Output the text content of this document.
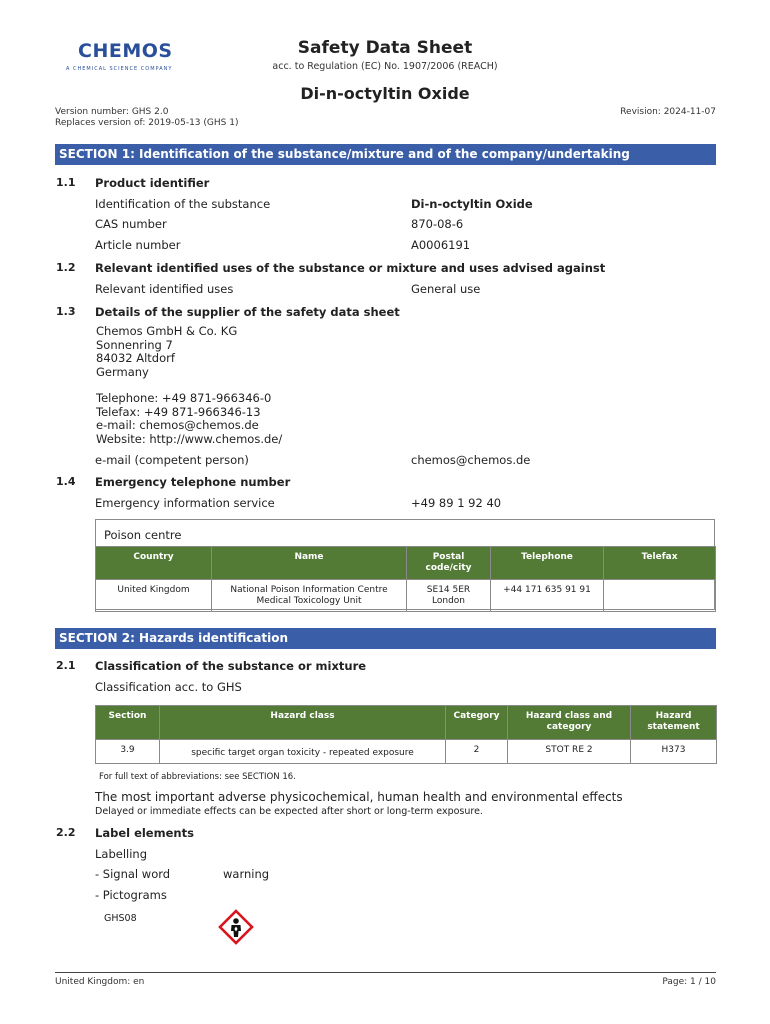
CHEMOS
A CHEMICAL SCIENCE COMPANY
Safety Data Sheet
acc. to Regulation (EC) No. 1907/2006 (REACH)
Di-n-octyltin Oxide
Version number: GHS 2.0
Replaces version of: 2019-05-13 (GHS 1)
Revision: 2024-11-07
SECTION 1: Identification of the substance/mixture and of the company/undertaking
1.1 Product identifier
Identification of the substance	Di-n-octyltin Oxide
CAS number	870-08-6
Article number	A0006191
1.2 Relevant identified uses of the substance or mixture and uses advised against
Relevant identified uses	General use
1.3 Details of the supplier of the safety data sheet
Chemos GmbH & Co. KG
Sonnenring 7
84032 Altdorf
Germany
Telephone: +49 871-966346-0
Telefax: +49 871-966346-13
e-mail: chemos@chemos.de
Website: http://www.chemos.de/
e-mail (competent person)	chemos@chemos.de
1.4 Emergency telephone number
Emergency information service	+49 89 1 92 40
Poison centre
Country	Name	Postal code/city	Telephone	Telefax
United Kingdom	National Poison Information Centre Medical Toxicology Unit	SE14 5ER London	+44 171 635 91 91	
SECTION 2: Hazards identification
2.1 Classification of the substance or mixture
Classification acc. to GHS
Section	Hazard class	Category	Hazard class and category	Hazard statement
3.9	specific target organ toxicity - repeated exposure	2	STOT RE 2	H373
For full text of abbreviations: see SECTION 16.
The most important adverse physicochemical, human health and environmental effects
Delayed or immediate effects can be expected after short or long-term exposure.
2.2 Label elements
Labelling
- Signal word	warning
- Pictograms
GHS08
United Kingdom: en	Page: 1 / 10
